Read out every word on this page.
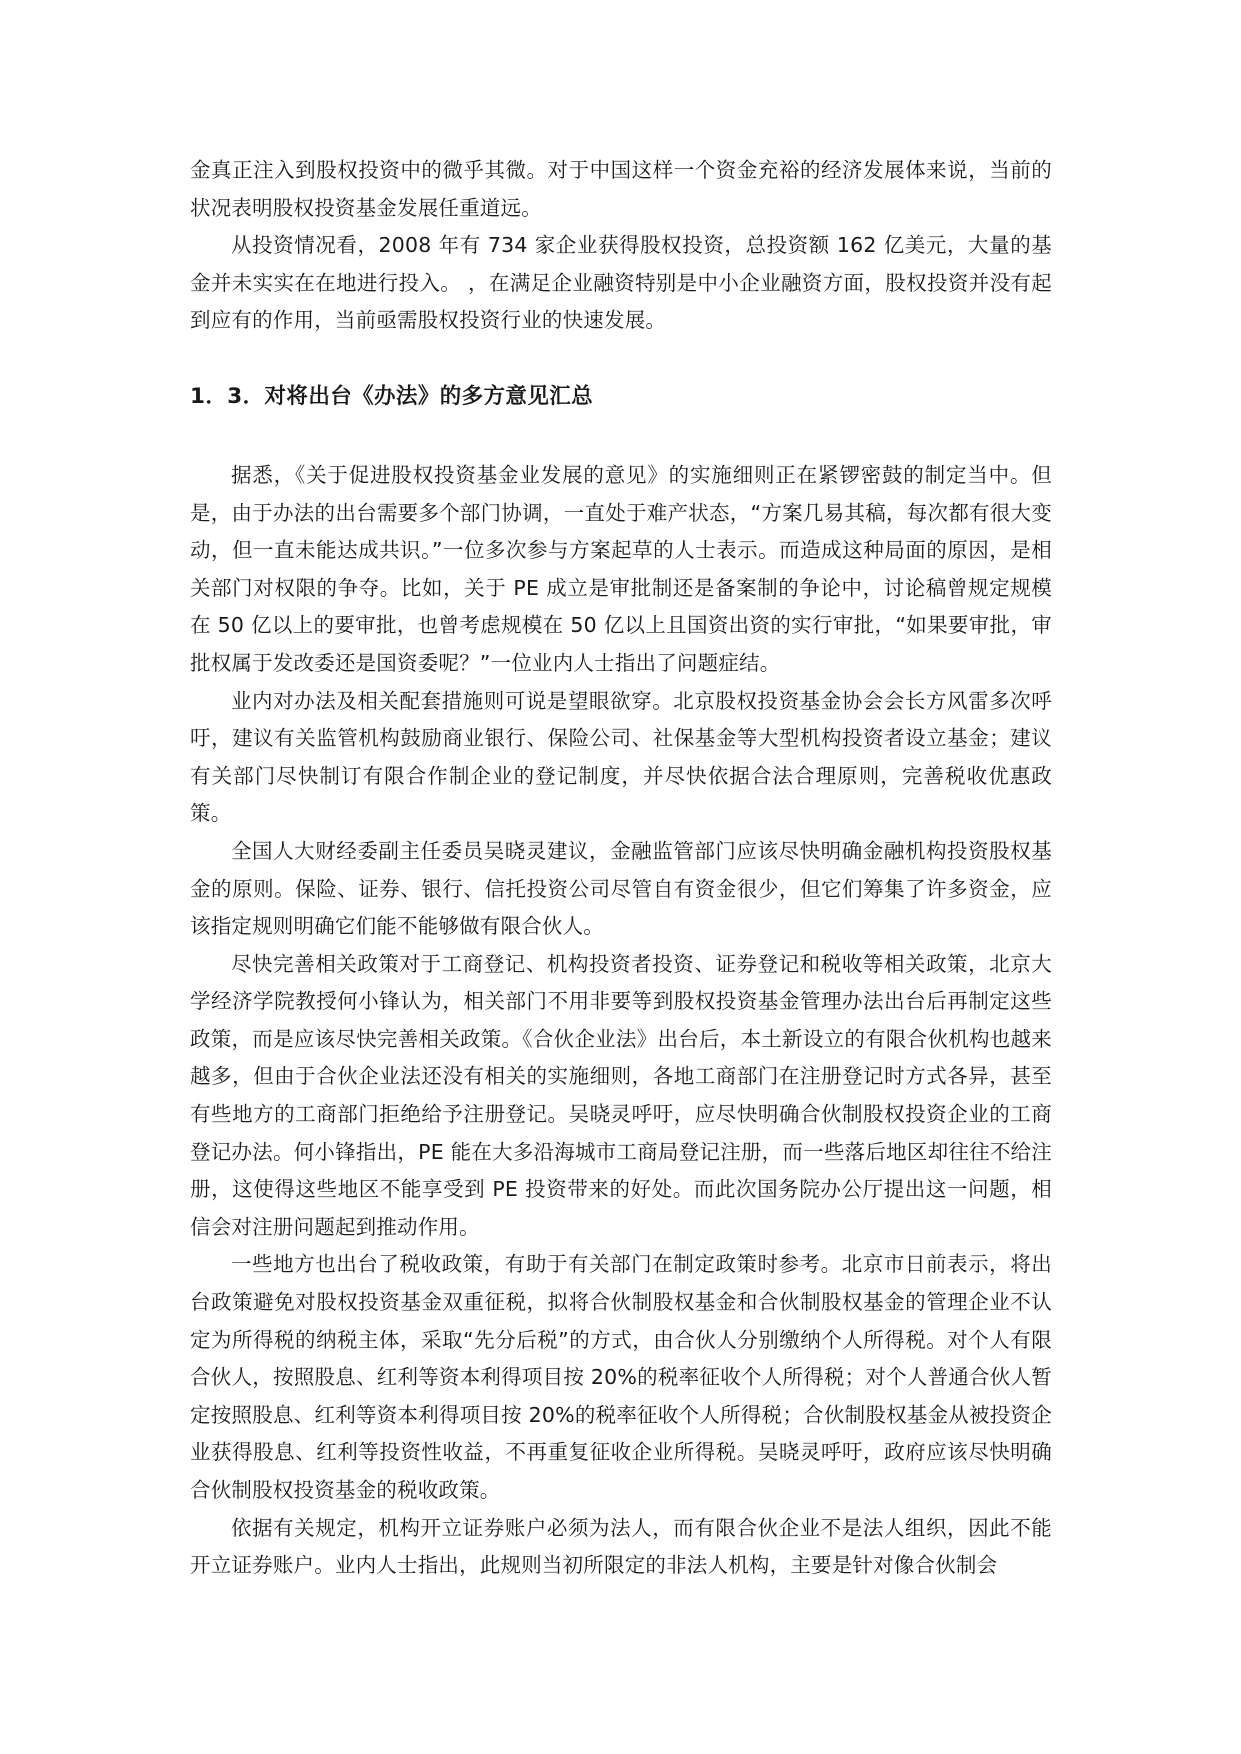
金真正注入到股权投资中的微乎其微。对于中国这样一个资金充裕的经济发展体来说，当前的状况表明股权投资基金发展任重道远。

从投资情况看，2008 年有 734 家企业获得股权投资，总投资额 162 亿美元，大量的基金并未实实在在地进行投入。 ，在满足企业融资特别是中小企业融资方面，股权投资并没有起到应有的作用，当前亟需股权投资行业的快速发展。

1．3．对将出台《办法》的多方意见汇总

据悉，《关于促进股权投资基金业发展的意见》的实施细则正在紧锣密鼓的制定当中。但是，由于办法的出台需要多个部门协调，一直处于难产状态，“方案几易其稿，每次都有很大变动，但一直未能达成共识。”一位多次参与方案起草的人士表示。而造成这种局面的原因，是相关部门对权限的争夺。比如，关于 PE 成立是审批制还是备案制的争论中，讨论稿曾规定规模在 50 亿以上的要审批，也曾考虑规模在 50 亿以上且国资出资的实行审批，“如果要审批，审批权属于发改委还是国资委呢？”一位业内人士指出了问题症结。

业内对办法及相关配套措施则可说是望眼欲穿。北京股权投资基金协会会长方风雷多次呼吁，建议有关监管机构鼓励商业银行、保险公司、社保基金等大型机构投资者设立基金；建议有关部门尽快制订有限合作制企业的登记制度，并尽快依据合法合理原则，完善税收优惠政策。

全国人大财经委副主任委员吴晓灵建议，金融监管部门应该尽快明确金融机构投资股权基金的原则。保险、证券、银行、信托投资公司尽管自有资金很少，但它们筹集了许多资金，应该指定规则明确它们能不能够做有限合伙人。

尽快完善相关政策对于工商登记、机构投资者投资、证券登记和税收等相关政策，北京大学经济学院教授何小锋认为，相关部门不用非要等到股权投资基金管理办法出台后再制定这些政策，而是应该尽快完善相关政策。《合伙企业法》出台后，本土新设立的有限合伙机构也越来越多，但由于合伙企业法还没有相关的实施细则，各地工商部门在注册登记时方式各异，甚至有些地方的工商部门拒绝给予注册登记。吴晓灵呼吁，应尽快明确合伙制股权投资企业的工商登记办法。何小锋指出，PE 能在大多沿海城市工商局登记注册，而一些落后地区却往往不给注册，这使得这些地区不能享受到 PE 投资带来的好处。而此次国务院办公厅提出这一问题，相信会对注册问题起到推动作用。

一些地方也出台了税收政策，有助于有关部门在制定政策时参考。北京市日前表示，将出台政策避免对股权投资基金双重征税，拟将合伙制股权基金和合伙制股权基金的管理企业不认定为所得税的纳税主体，采取“先分后税”的方式，由合伙人分别缴纳个人所得税。对个人有限合伙人，按照股息、红利等资本利得项目按 20%的税率征收个人所得税；对个人普通合伙人暂定按照股息、红利等资本利得项目按 20%的税率征收个人所得税；合伙制股权基金从被投资企业获得股息、红利等投资性收益，不再重复征收企业所得税。吴晓灵呼吁，政府应该尽快明确合伙制股权投资基金的税收政策。

依据有关规定，机构开立证券账户必须为法人，而有限合伙企业不是法人组织，因此不能开立证券账户。业内人士指出，此规则当初所限定的非法人机构，主要是针对像合伙制会
